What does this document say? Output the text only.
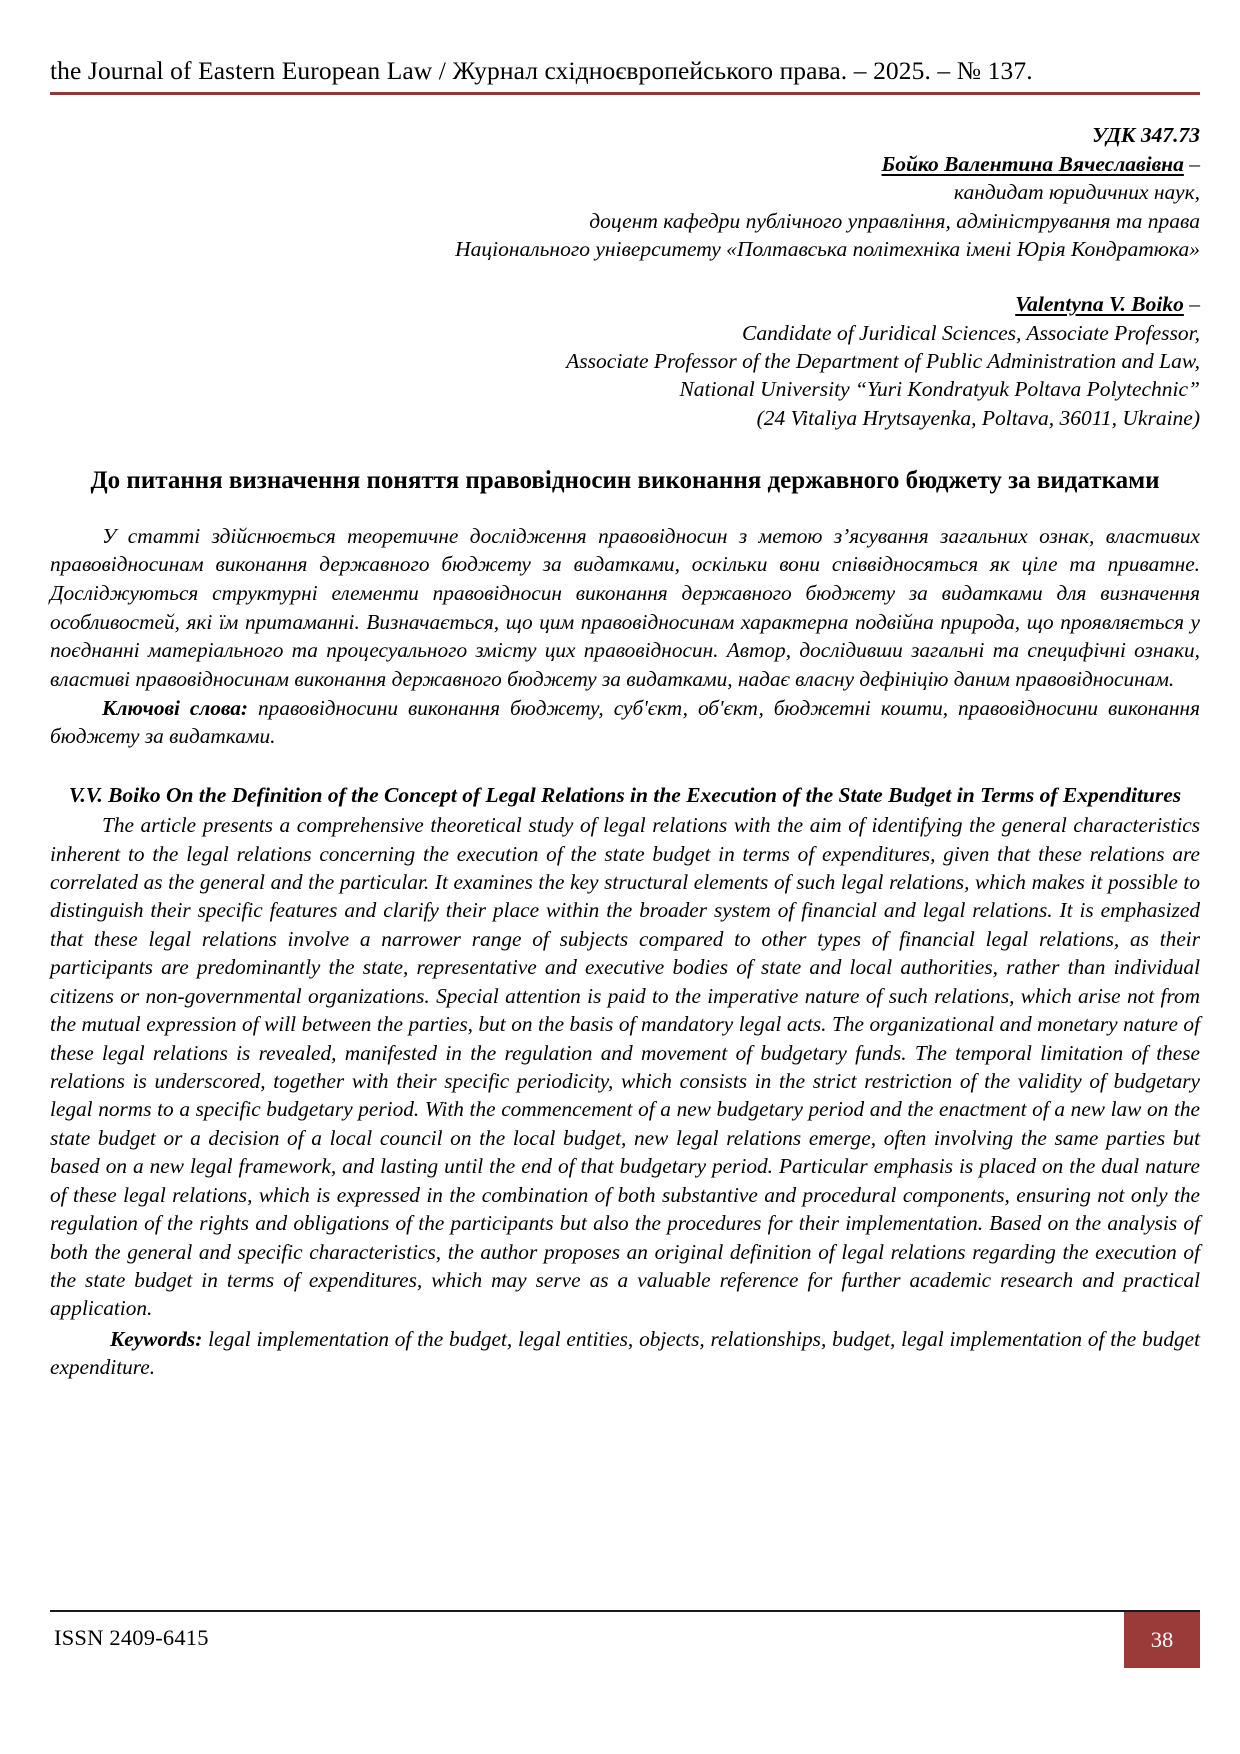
the Journal of Eastern European Law / Журнал східноєвропейського права. – 2025. – № 137.
УДК 347.73
Бойко Валентина Вячеславівна –
кандидат юридичних наук,
доцент кафедри публічного управління, адміністрування та права
Національного університету «Полтавська політехніка імені Юрія Кондратюка»
Valentyna V. Boiko –
Candidate of Juridical Sciences, Associate Professor,
Associate Professor of the Department of Public Administration and Law,
National University “Yuri Kondratyuk Poltava Polytechnic”
(24 Vitaliya Hrytsayenka, Poltava, 36011, Ukraine)
До питання визначення поняття правовідносин виконання державного бюджету за видатками
У статті здійснюється теоретичне дослідження правовідносин з метою з’ясування загальних ознак, властивих правовідносинам виконання державного бюджету за видатками, оскільки вони співвідносяться як ціле та приватне. Досліджуються структурні елементи правовідносин виконання державного бюджету за видатками для визначення особливостей, які їм притаманні. Визначається, що цим правовідносинам характерна подвійна природа, що проявляється у поєднанні матеріального та процесуального змісту цих правовідносин. Автор, дослідивши загальні та специфічні ознаки, властиві правовідносинам виконання державного бюджету за видатками, надає власну дефініцію даним правовідносинам.
Ключові слова: правовідносини виконання бюджету, суб'єкт, об'єкт, бюджетні кошти, правовідносини виконання бюджету за видатками.
V.V. Boiko On the Definition of the Concept of Legal Relations in the Execution of the State Budget in Terms of Expenditures
The article presents a comprehensive theoretical study of legal relations with the aim of identifying the general characteristics inherent to the legal relations concerning the execution of the state budget in terms of expenditures, given that these relations are correlated as the general and the particular. It examines the key structural elements of such legal relations, which makes it possible to distinguish their specific features and clarify their place within the broader system of financial and legal relations. It is emphasized that these legal relations involve a narrower range of subjects compared to other types of financial legal relations, as their participants are predominantly the state, representative and executive bodies of state and local authorities, rather than individual citizens or non-governmental organizations. Special attention is paid to the imperative nature of such relations, which arise not from the mutual expression of will between the parties, but on the basis of mandatory legal acts. The organizational and monetary nature of these legal relations is revealed, manifested in the regulation and movement of budgetary funds. The temporal limitation of these relations is underscored, together with their specific periodicity, which consists in the strict restriction of the validity of budgetary legal norms to a specific budgetary period. With the commencement of a new budgetary period and the enactment of a new law on the state budget or a decision of a local council on the local budget, new legal relations emerge, often involving the same parties but based on a new legal framework, and lasting until the end of that budgetary period. Particular emphasis is placed on the dual nature of these legal relations, which is expressed in the combination of both substantive and procedural components, ensuring not only the regulation of the rights and obligations of the participants but also the procedures for their implementation. Based on the analysis of both the general and specific characteristics, the author proposes an original definition of legal relations regarding the execution of the state budget in terms of expenditures, which may serve as a valuable reference for further academic research and practical application.
Keywords: legal implementation of the budget, legal entities, objects, relationships, budget, legal implementation of the budget expenditure.
ISSN 2409-6415	38
